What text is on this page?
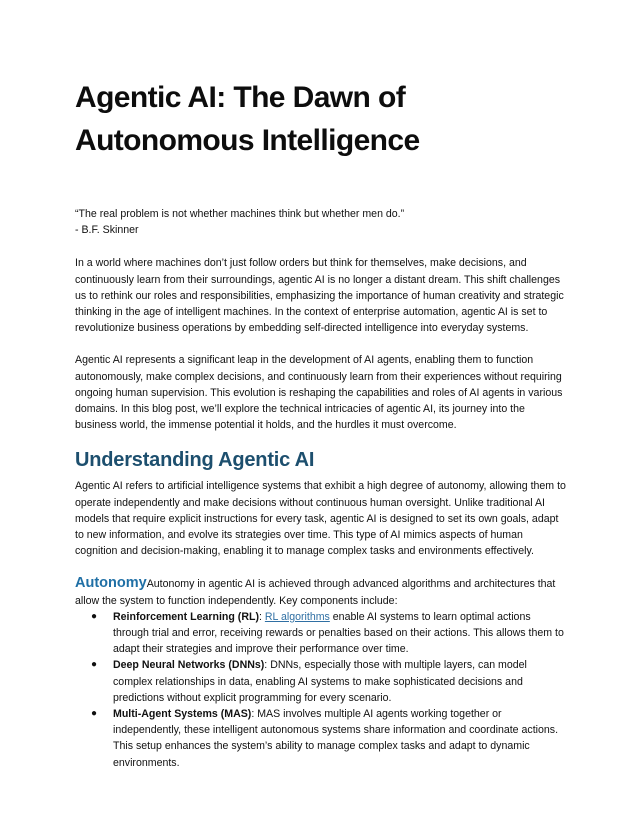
Agentic AI: The Dawn of Autonomous Intelligence
“The real problem is not whether machines think but whether men do.”
- B.F. Skinner

In a world where machines don’t just follow orders but think for themselves, make decisions, and continuously learn from their surroundings, agentic AI is no longer a distant dream. This shift challenges us to rethink our roles and responsibilities, emphasizing the importance of human creativity and strategic thinking in the age of intelligent machines. In the context of enterprise automation, agentic AI is set to revolutionize business operations by embedding self-directed intelligence into everyday systems.

Agentic AI represents a significant leap in the development of AI agents, enabling them to function autonomously, make complex decisions, and continuously learn from their experiences without requiring ongoing human supervision. This evolution is reshaping the capabilities and roles of AI agents in various domains. In this blog post, we’ll explore the technical intricacies of agentic AI, its journey into the business world, the immense potential it holds, and the hurdles it must overcome.

Understanding Agentic AI

Agentic AI refers to artificial intelligence systems that exhibit a high degree of autonomy, allowing them to operate independently and make decisions without continuous human oversight. Unlike traditional AI models that require explicit instructions for every task, agentic AI is designed to set its own goals, adapt to new information, and evolve its strategies over time. This type of AI mimics aspects of human cognition and decision-making, enabling it to manage complex tasks and environments effectively.

AutonomyAutonomy in agentic AI is achieved through advanced algorithms and architectures that allow the system to function independently. Key components include:
● Reinforcement Learning (RL): RL algorithms enable AI systems to learn optimal actions through trial and error, receiving rewards or penalties based on their actions. This allows them to adapt their strategies and improve their performance over time.
● Deep Neural Networks (DNNs): DNNs, especially those with multiple layers, can model complex relationships in data, enabling AI systems to make sophisticated decisions and predictions without explicit programming for every scenario.
● Multi-Agent Systems (MAS): MAS involves multiple AI agents working together or independently, these intelligent autonomous systems share information and coordinate actions. This setup enhances the system’s ability to manage complex tasks and adapt to dynamic environments.
